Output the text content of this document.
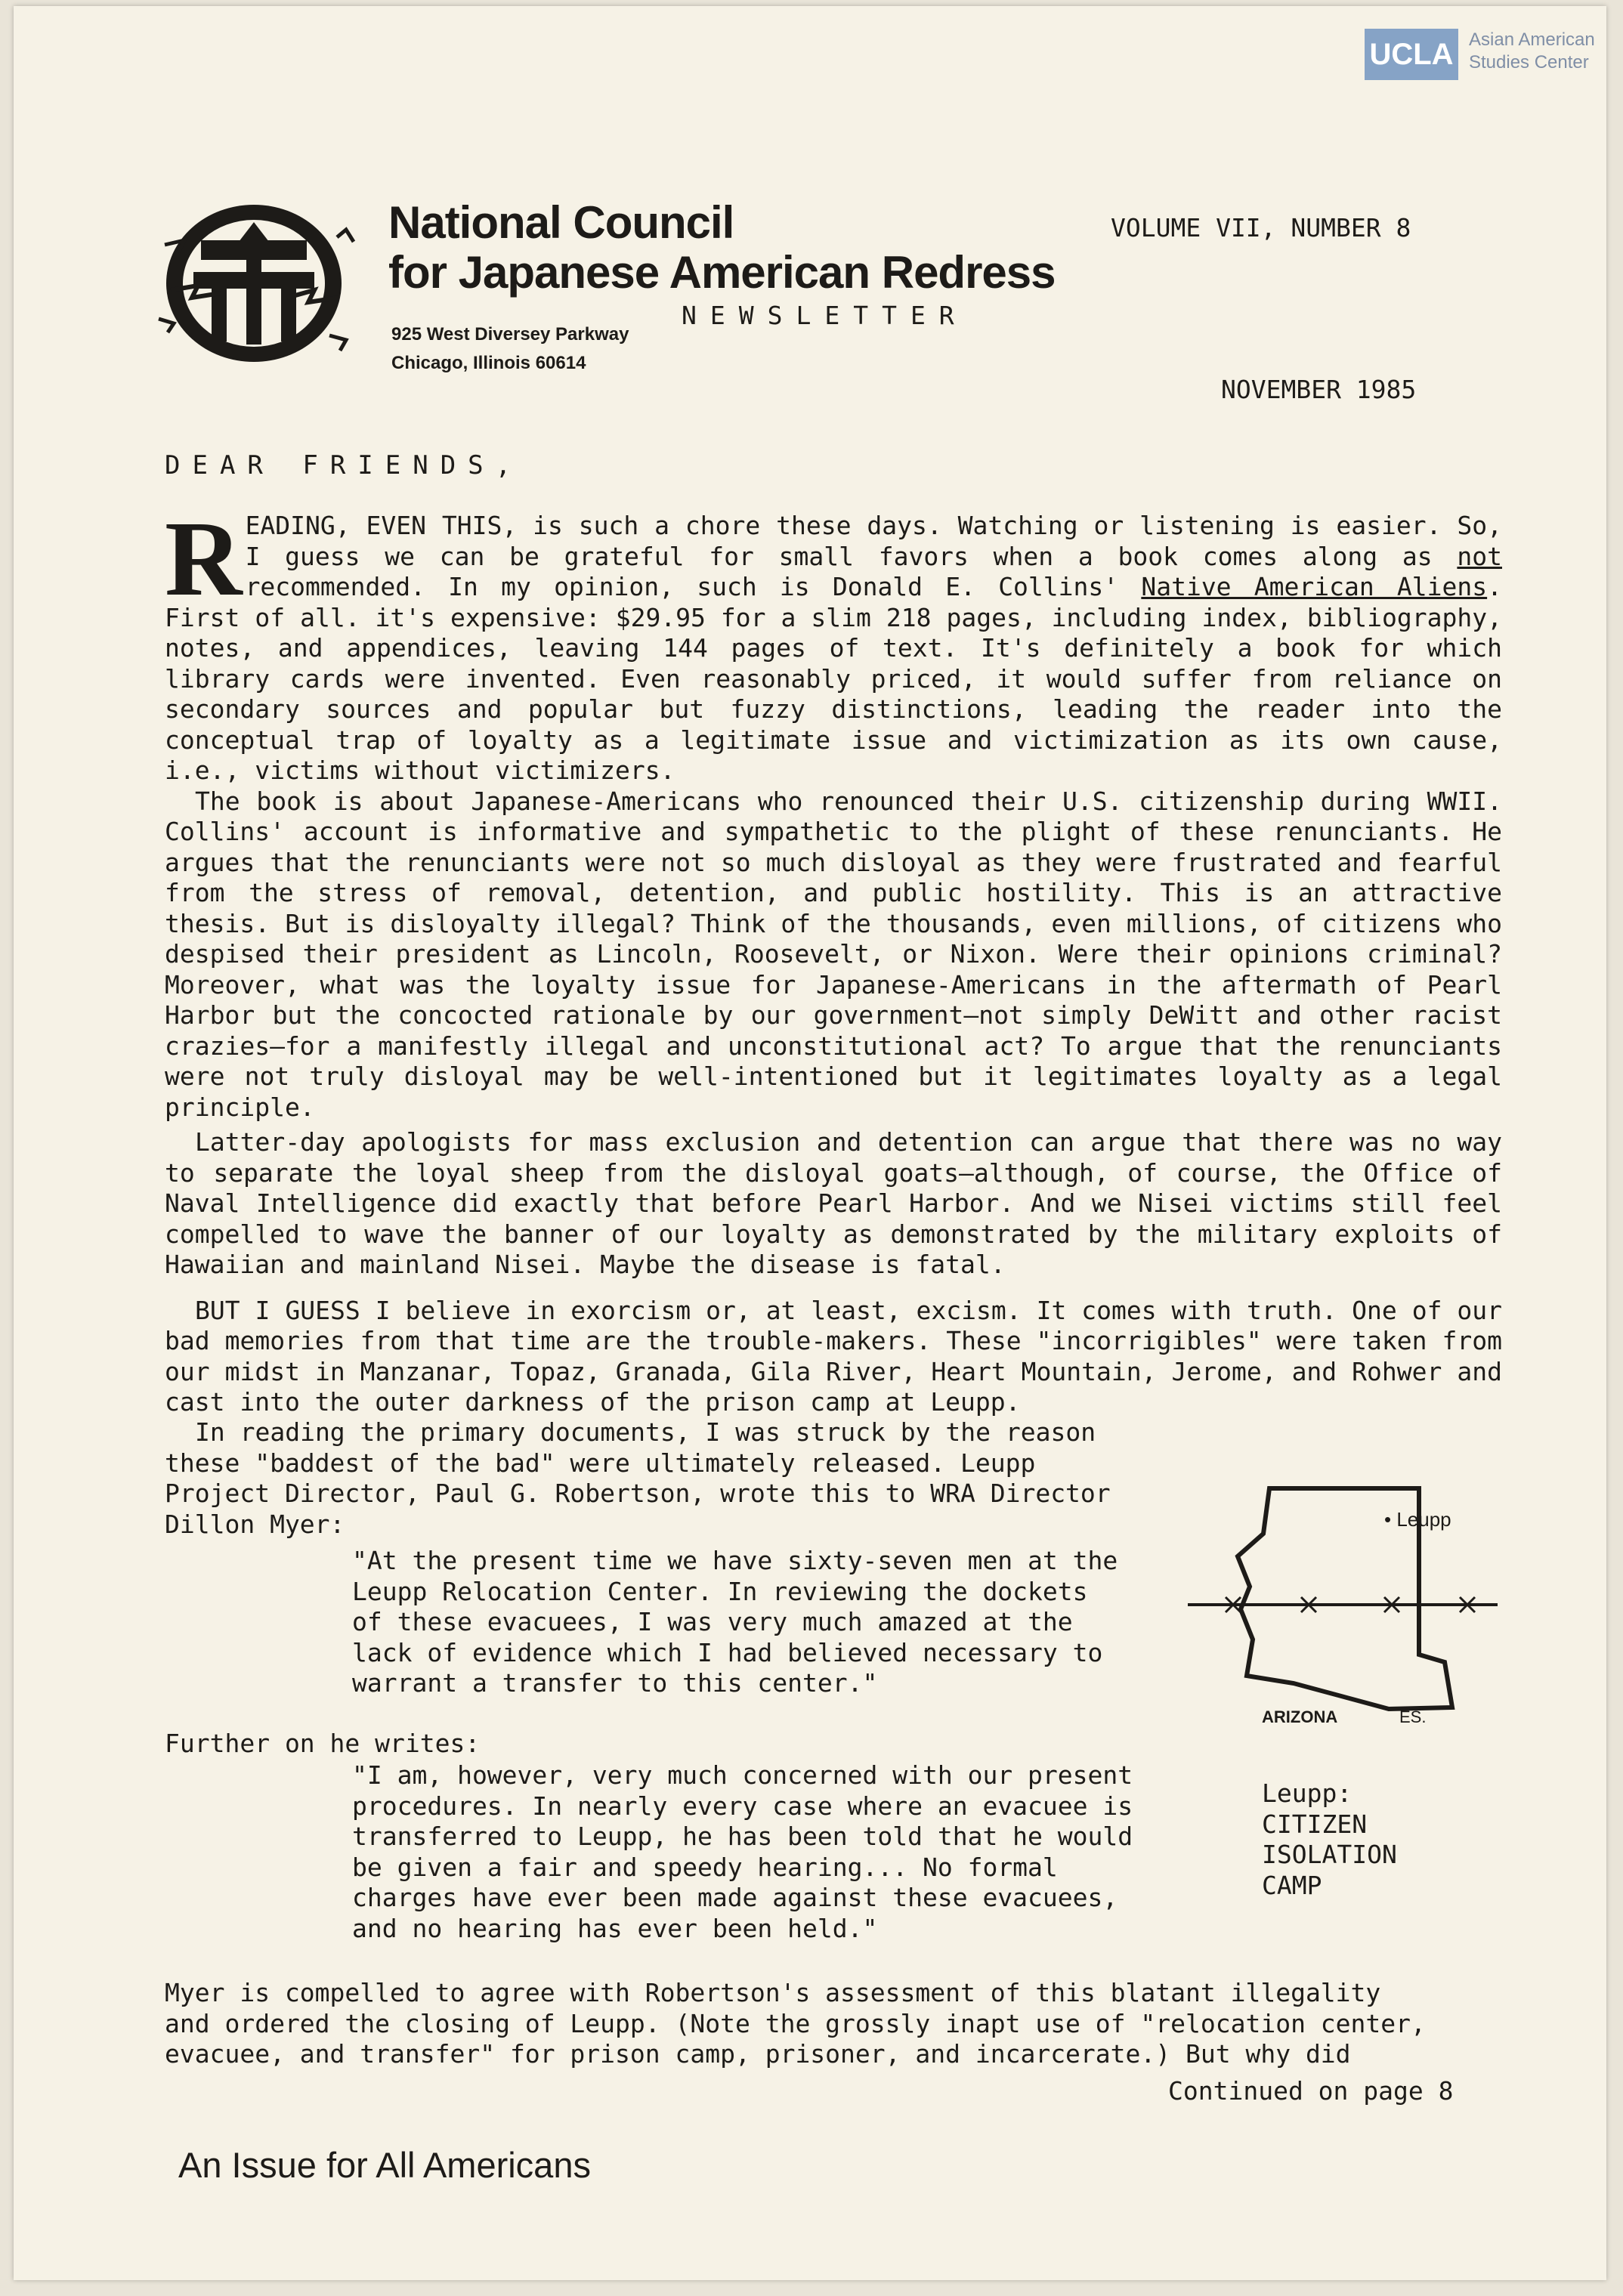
UCLA Asian American
Studies Center
National Council
for Japanese American Redress
925 West Diversey Parkway
Chicago, Illinois 60614
NEWSLETTER
VOLUME VII, NUMBER 8
NOVEMBER 1985
DEAR FRIENDS,

READING, EVEN THIS, is such a chore these days. Watching or listening is easier. So, I guess we can be grateful for small favors when a book comes along as not recommended. In my opinion, such is Donald E. Collins' Native American Aliens. First of all. it's expensive: $29.95 for a slim 218 pages, including index, bibliography, notes, and appendices, leaving 144 pages of text. It's definitely a book for which library cards were invented. Even reasonably priced, it would suffer from reliance on secondary sources and popular but fuzzy distinctions, leading the reader into the conceptual trap of loyalty as a legitimate issue and victimization as its own cause, i.e., victims without victimizers.

The book is about Japanese-Americans who renounced their U.S. citizenship during WWII. Collins' account is informative and sympathetic to the plight of these renunciants. He argues that the renunciants were not so much disloyal as they were frustrated and fearful from the stress of removal, detention, and public hostility. This is an attractive thesis. But is disloyalty illegal? Think of the thousands, even millions, of citizens who despised their president as Lincoln, Roosevelt, or Nixon. Were their opinions criminal? Moreover, what was the loyalty issue for Japanese-Americans in the aftermath of Pearl Harbor but the concocted rationale by our government—not simply DeWitt and other racist crazies—for a manifestly illegal and unconstitutional act? To argue that the renunciants were not truly disloyal may be well-intentioned but it legitimates loyalty as a legal principle.

Latter-day apologists for mass exclusion and detention can argue that there was no way to separate the loyal sheep from the disloyal goats—although, of course, the Office of Naval Intelligence did exactly that before Pearl Harbor. And we Nisei victims still feel compelled to wave the banner of our loyalty as demonstrated by the military exploits of Hawaiian and mainland Nisei. Maybe the disease is fatal.

BUT I GUESS I believe in exorcism or, at least, excism. It comes with truth. One of our bad memories from that time are the trouble-makers. These "incorrigibles" were taken from our midst in Manzanar, Topaz, Granada, Gila River, Heart Mountain, Jerome, and Rohwer and cast into the outer darkness of the prison camp at Leupp.

In reading the primary documents, I was struck by the reason
these "baddest of the bad" were ultimately released. Leupp
Project Director, Paul G. Robertson, wrote this to WRA Director
Dillon Myer:
"At the present time we have sixty-seven men at the
Leupp Relocation Center. In reviewing the dockets
of these evacuees, I was very much amazed at the
lack of evidence which I had believed necessary to
warrant a transfer to this center."
Further on he writes:
"I am, however, very much concerned with our present
procedures. In nearly every case where an evacuee is
transferred to Leupp, he has been told that he would
be given a fair and speedy hearing... No formal
charges have ever been made against these evacuees,
and no hearing has ever been held."
• Leupp
ARIZONA	ES.
Leupp:
CITIZEN
ISOLATION
CAMP
Myer is compelled to agree with Robertson's assessment of this blatant illegality
and ordered the closing of Leupp. (Note the grossly inapt use of "relocation center,
evacuee, and transfer" for prison camp, prisoner, and incarcerate.) But why did
Continued on page 8
An Issue for All Americans
